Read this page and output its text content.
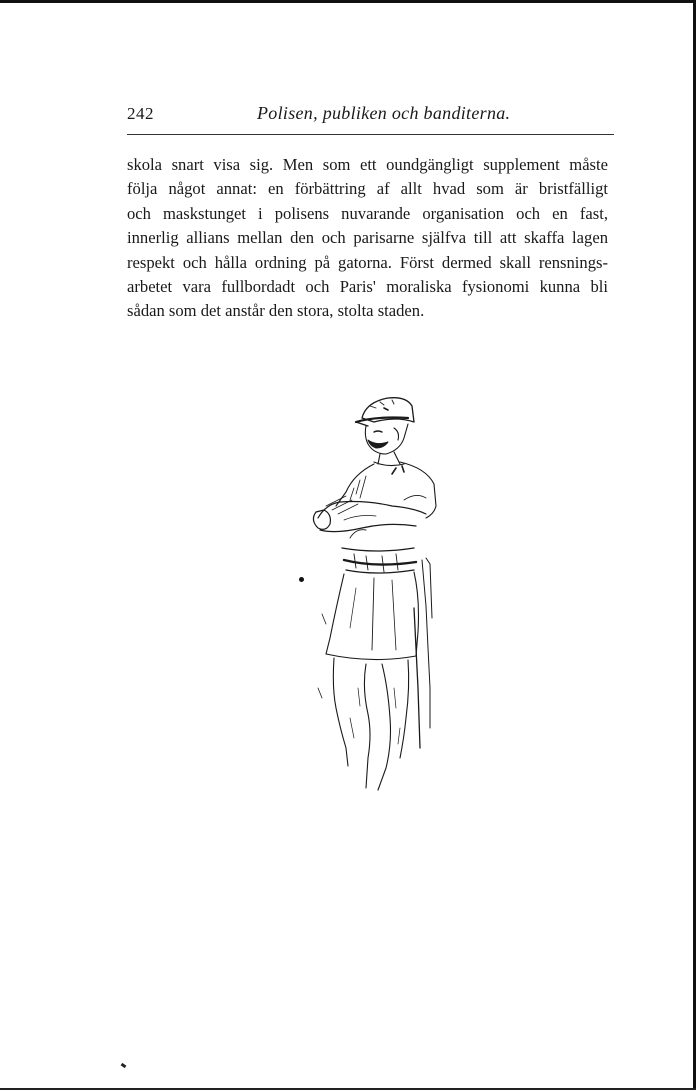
242	Polisen, publiken och banditerna.
skola snart visa sig. Men som ett oundgängligt supplement måste
följa något annat: en förbättring af allt hvad som är bristfälligt
och maskstunget i polisens nuvarande organisation och en fast,
innerlig allians mellan den och parisarne själfva till att skaffa lagen
respekt och hålla ordning på gatorna. Först dermed skall rensnings-
arbetet vara fullbordadt och Paris' moraliska fysionomi kunna bli
sådan som det anstår den stora, stolta staden.
